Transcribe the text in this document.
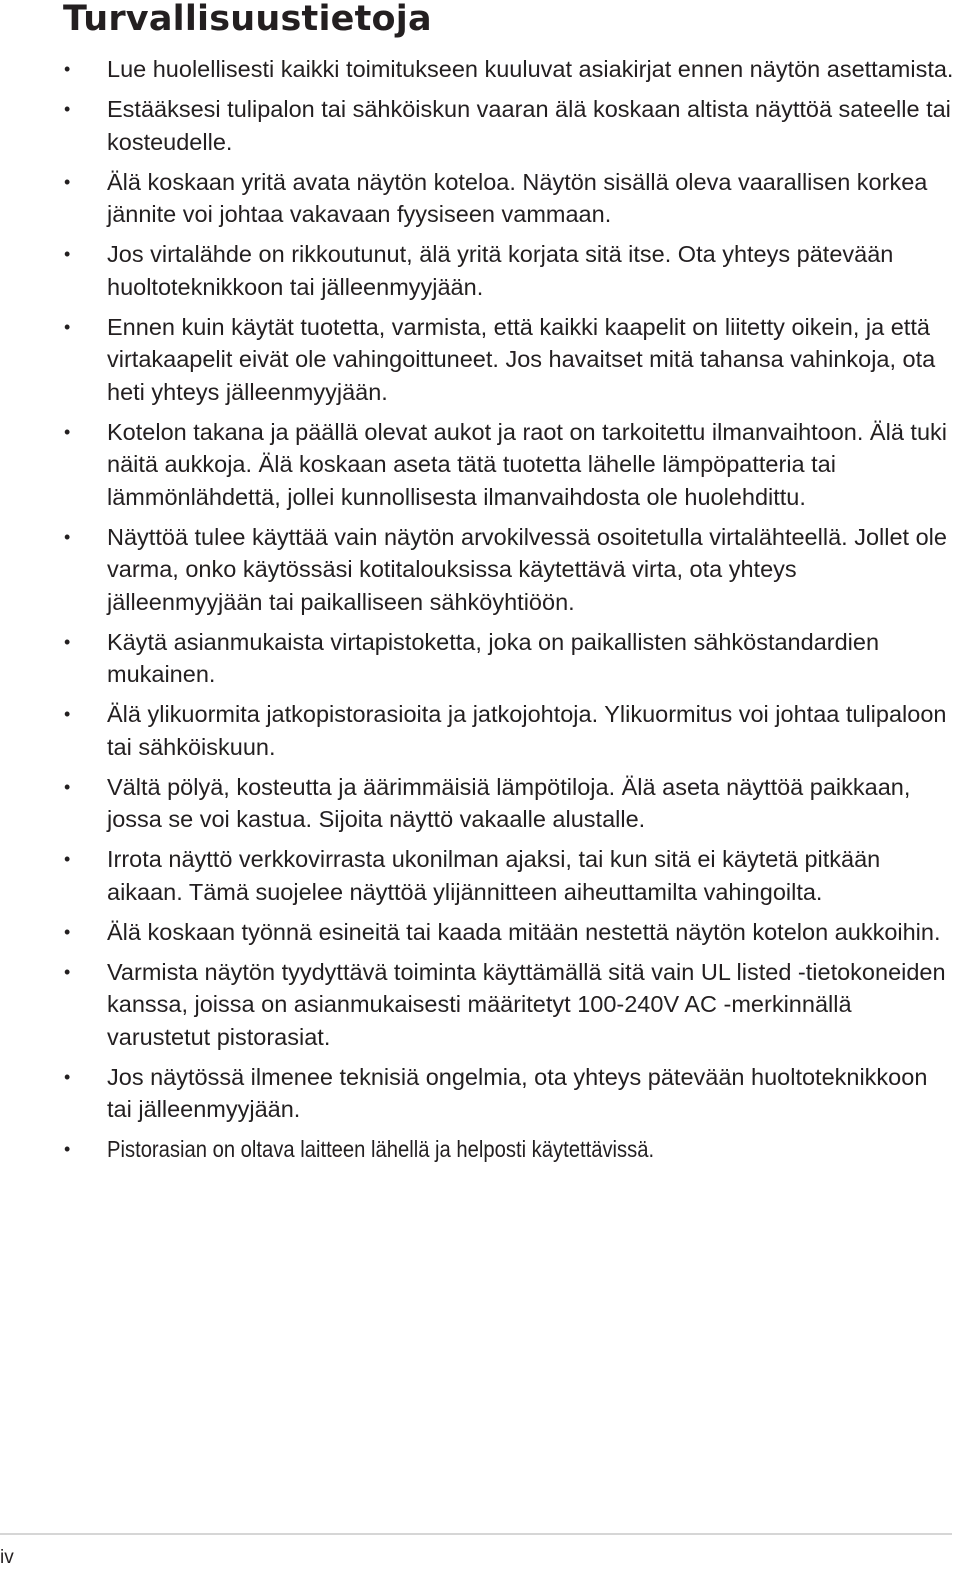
Turvallisuustietoja
• Lue huolellisesti kaikki toimitukseen kuuluvat asiakirjat ennen näytön asettamista.
• Estääksesi tulipalon tai sähköiskun vaaran älä koskaan altista näyttöä sateelle tai kosteudelle.
• Älä koskaan yritä avata näytön koteloa. Näytön sisällä oleva vaarallisen korkea jännite voi johtaa vakavaan fyysiseen vammaan.
• Jos virtalähde on rikkoutunut, älä yritä korjata sitä itse. Ota yhteys pätevään huoltoteknikkoon tai jälleenmyyjään.
• Ennen kuin käytät tuotetta, varmista, että kaikki kaapelit on liitetty oikein, ja että virtakaapelit eivät ole vahingoittuneet. Jos havaitset mitä tahansa vahinkoja, ota heti yhteys jälleenmyyjään.
• Kotelon takana ja päällä olevat aukot ja raot on tarkoitettu ilmanvaihtoon. Älä tuki näitä aukkoja. Älä koskaan aseta tätä tuotetta lähelle lämpöpatteria tai lämmönlähdettä, jollei kunnollisesta ilmanvaihdosta ole huolehdittu.
• Näyttöä tulee käyttää vain näytön arvokilvessä osoitetulla virtalähteellä. Jollet ole varma, onko käytössäsi kotitalouksissa käytettävä virta, ota yhteys jälleenmyyjään tai paikalliseen sähköyhtiöön.
• Käytä asianmukaista virtapistoketta, joka on paikallisten sähköstandardien mukainen.
• Älä ylikuormita jatkopistorasioita ja jatkojohtoja. Ylikuormitus voi johtaa tulipaloon tai sähköiskuun.
• Vältä pölyä, kosteutta ja äärimmäisiä lämpötiloja. Älä aseta näyttöä paikkaan, jossa se voi kastua. Sijoita näyttö vakaalle alustalle.
• Irrota näyttö verkkovirrasta ukonilman ajaksi, tai kun sitä ei käytetä pitkään aikaan. Tämä suojelee näyttöä ylijännitteen aiheuttamilta vahingoilta.
• Älä koskaan työnnä esineitä tai kaada mitään nestettä näytön kotelon aukkoihin.
• Varmista näytön tyydyttävä toiminta käyttämällä sitä vain UL listed -tietokoneiden kanssa, joissa on asianmukaisesti määritetyt 100-240V AC -merkinnällä varustetut pistorasiat.
• Jos näytössä ilmenee teknisiä ongelmia, ota yhteys pätevään huoltoteknikkoon tai jälleenmyyjään.
• Pistorasian on oltava laitteen lähellä ja helposti käytettävissä.
iv
